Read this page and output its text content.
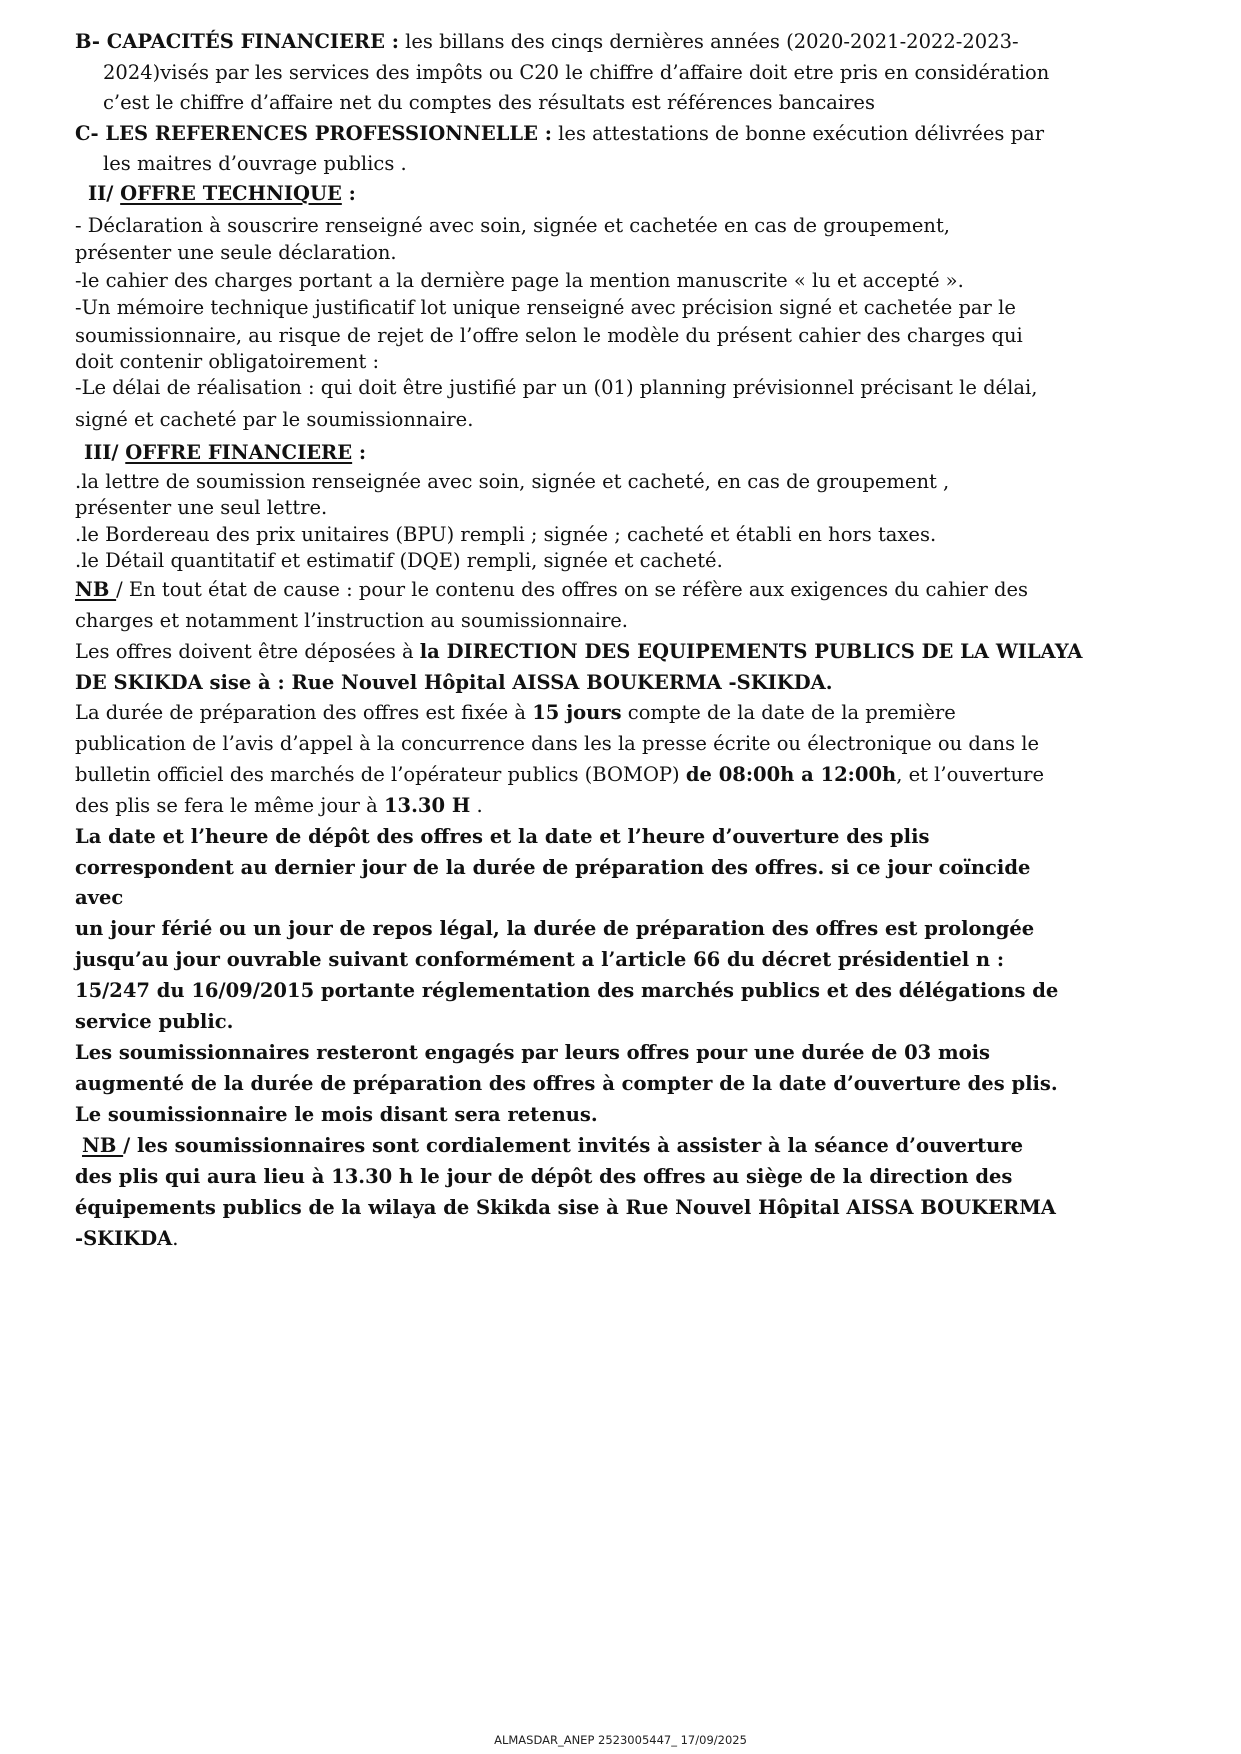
B- CAPACITÉS FINANCIERE : les billans des cinqs dernières années (2020-2021-2022-2023-
2024)visés par les services des impôts ou C20 le chiffre d’affaire doit etre pris en considération
c’est le chiffre d’affaire net du comptes des résultats est références bancaires
C- LES REFERENCES PROFESSIONNELLE : les attestations de bonne exécution délivrées par
les maitres d’ouvrage publics .
II/ OFFRE TECHNIQUE :
- Déclaration à souscrire renseigné avec soin, signée et cachetée en cas de groupement,
présenter une seule déclaration.
-le cahier des charges portant a la dernière page la mention manuscrite « lu et accepté ».
-Un mémoire technique justificatif lot unique renseigné avec précision signé et cachetée par le
soumissionnaire, au risque de rejet de l’offre selon le modèle du présent cahier des charges qui
doit contenir obligatoirement :
-Le délai de réalisation : qui doit être justifié par un (01) planning prévisionnel précisant le délai,
signé et cacheté par le soumissionnaire.
III/ OFFRE FINANCIERE :
.la lettre de soumission renseignée avec soin, signée et cacheté, en cas de groupement ,
présenter une seul lettre.
.le Bordereau des prix unitaires (BPU) rempli ; signée ; cacheté et établi en hors taxes.
.le Détail quantitatif et estimatif (DQE) rempli, signée et cacheté.
NB / En tout état de cause : pour le contenu des offres on se réfère aux exigences du cahier des
charges et notamment l’instruction au soumissionnaire.
Les offres doivent être déposées à la DIRECTION DES EQUIPEMENTS PUBLICS DE LA WILAYA
DE SKIKDA sise à : Rue Nouvel Hôpital AISSA BOUKERMA -SKIKDA.
La durée de préparation des offres est fixée à 15 jours compte de la date de la première
publication de l’avis d’appel à la concurrence dans les la presse écrite ou électronique ou dans le
bulletin officiel des marchés de l’opérateur publics (BOMOP) de 08:00h a 12:00h, et l’ouverture
des plis se fera le même jour à 13.30 H .
La date et l’heure de dépôt des offres et la date et l’heure d’ouverture des plis
correspondent au dernier jour de la durée de préparation des offres. si ce jour coïncide
avec
un jour férié ou un jour de repos légal, la durée de préparation des offres est prolongée
jusqu’au jour ouvrable suivant conformément a l’article 66 du décret présidentiel n :
15/247 du 16/09/2015 portante réglementation des marchés publics et des délégations de
service public.
Les soumissionnaires resteront engagés par leurs offres pour une durée de 03 mois
augmenté de la durée de préparation des offres à compter de la date d’ouverture des plis.
Le soumissionnaire le mois disant sera retenus.
NB / les soumissionnaires sont cordialement invités à assister à la séance d’ouverture
des plis qui aura lieu à 13.30 h le jour de dépôt des offres au siège de la direction des
équipements publics de la wilaya de Skikda sise à Rue Nouvel Hôpital AISSA BOUKERMA
-SKIKDA.
ALMASDAR_ANEP 2523005447_ 17/09/2025
